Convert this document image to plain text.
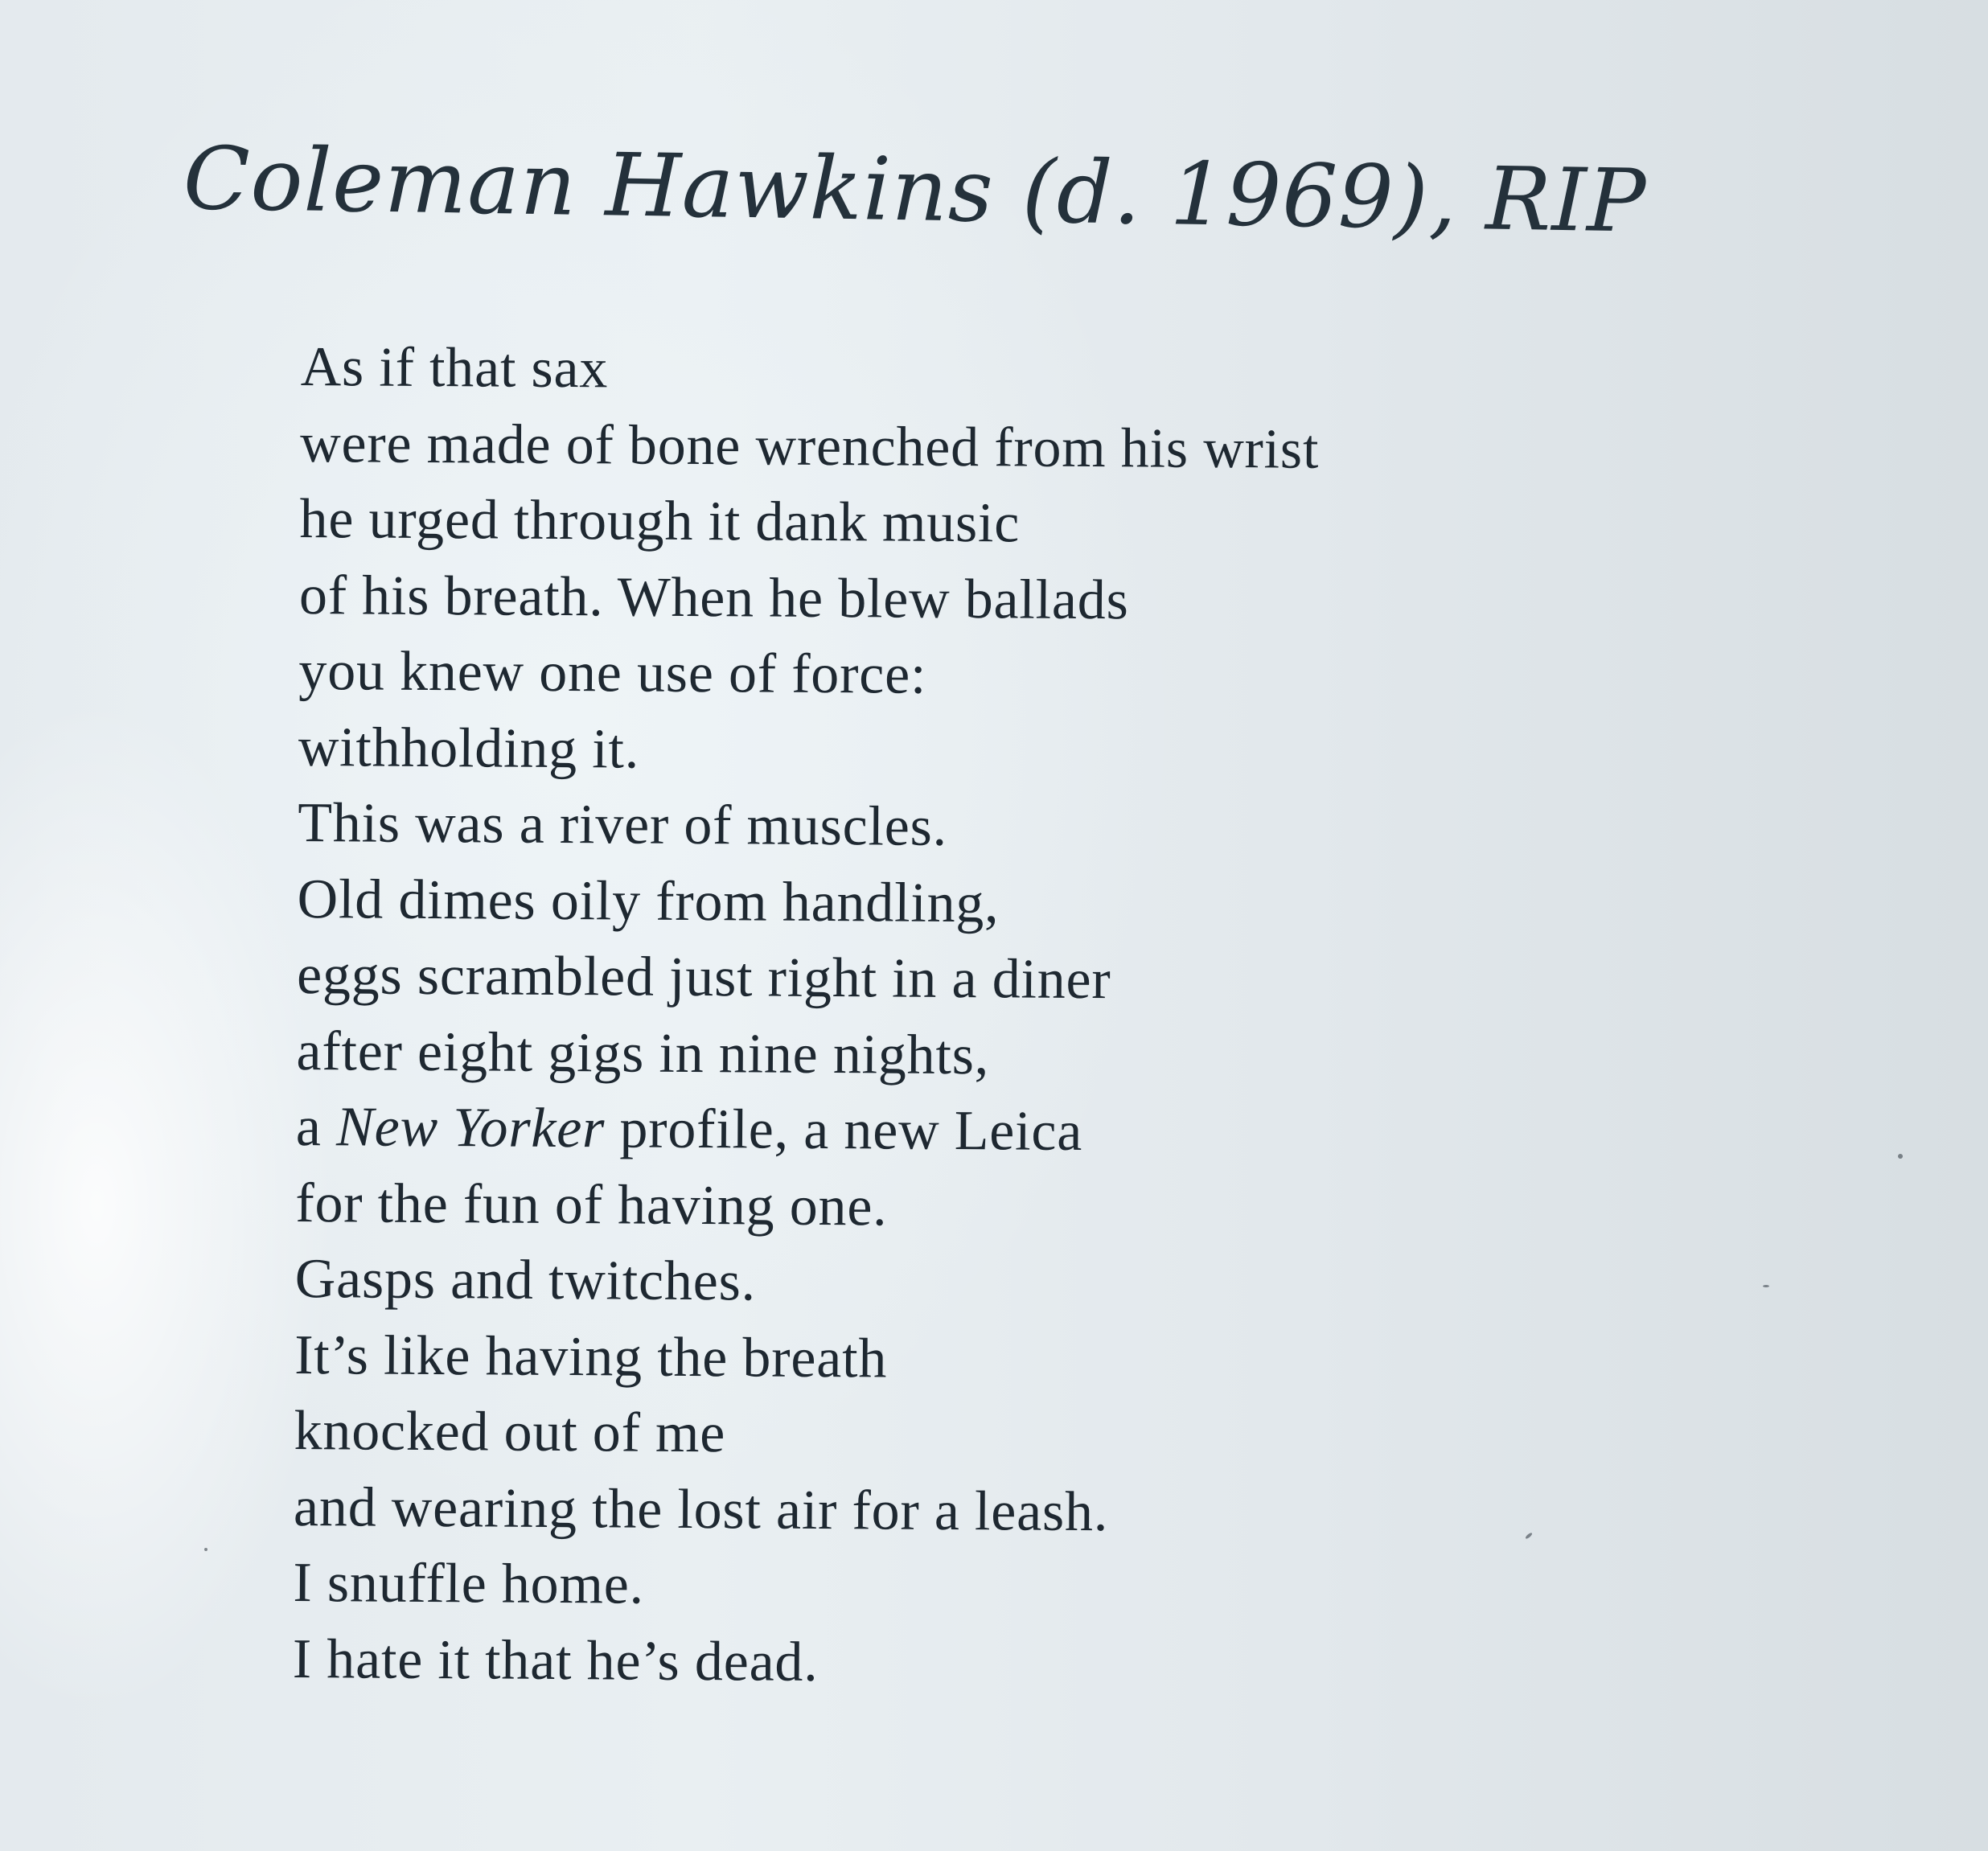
Coleman Hawkins (d. 1969), RIP
As if that sax
were made of bone wrenched from his wrist
he urged through it dank music
of his breath. When he blew ballads
you knew one use of force:
withholding it.
This was a river of muscles.
Old dimes oily from handling,
eggs scrambled just right in a diner
after eight gigs in nine nights,
a New Yorker profile, a new Leica
for the fun of having one.
Gasps and twitches.
It’s like having the breath
knocked out of me
and wearing the lost air for a leash.
I snuffle home.
I hate it that he’s dead.
